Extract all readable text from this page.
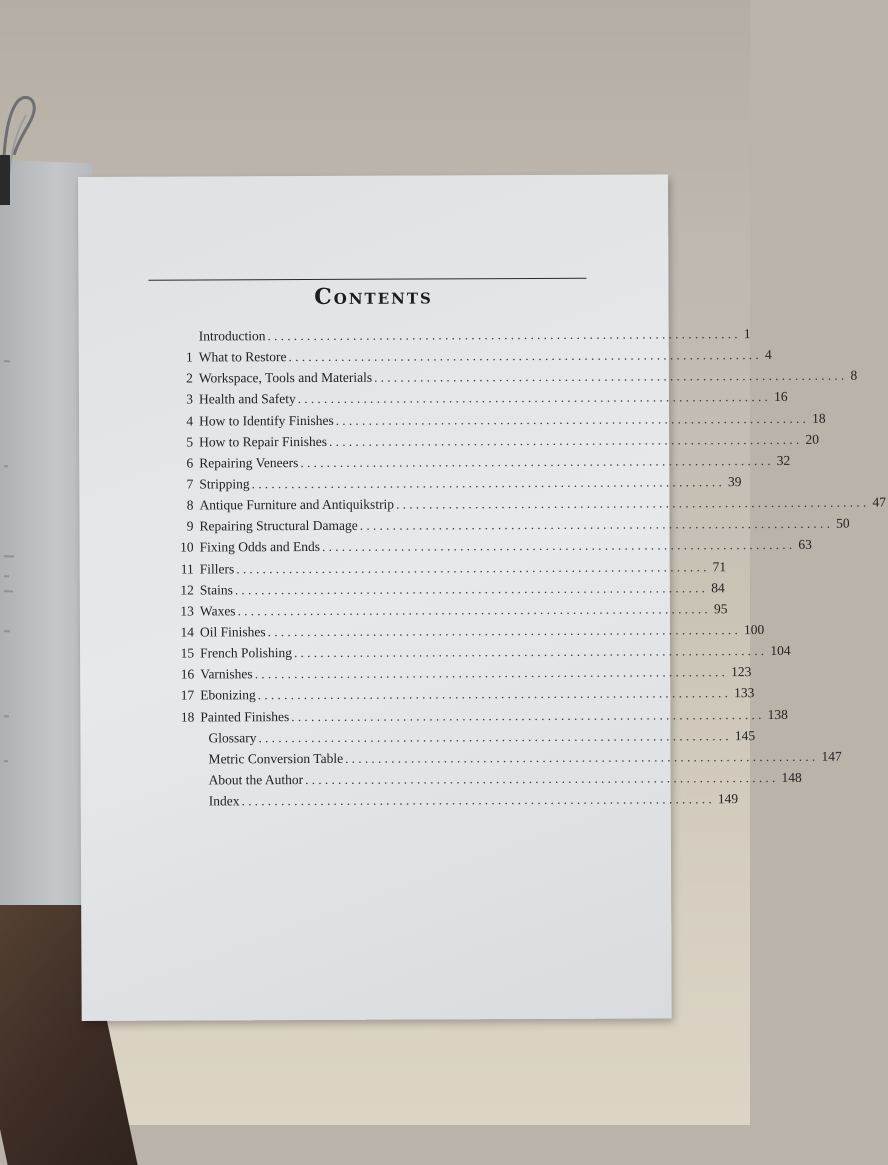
Contents
Introduction ........................................................................ 1
1 What to Restore ........................................................................ 4
2 Workspace, Tools and Materials ........................................................................ 8
3 Health and Safety ........................................................................ 16
4 How to Identify Finishes ........................................................................ 18
5 How to Repair Finishes ........................................................................ 20
6 Repairing Veneers ........................................................................ 32
7 Stripping ........................................................................ 39
8 Antique Furniture and Antiquikstrip ........................................................................ 47
9 Repairing Structural Damage ........................................................................ 50
10 Fixing Odds and Ends ........................................................................ 63
11 Fillers ........................................................................ 71
12 Stains ........................................................................ 84
13 Waxes ........................................................................ 95
14 Oil Finishes ........................................................................ 100
15 French Polishing ........................................................................ 104
16 Varnishes ........................................................................ 123
17 Ebonizing ........................................................................ 133
18 Painted Finishes ........................................................................ 138
Glossary ........................................................................ 145
Metric Conversion Table ........................................................................ 147
About the Author ........................................................................ 148
Index ........................................................................ 149
